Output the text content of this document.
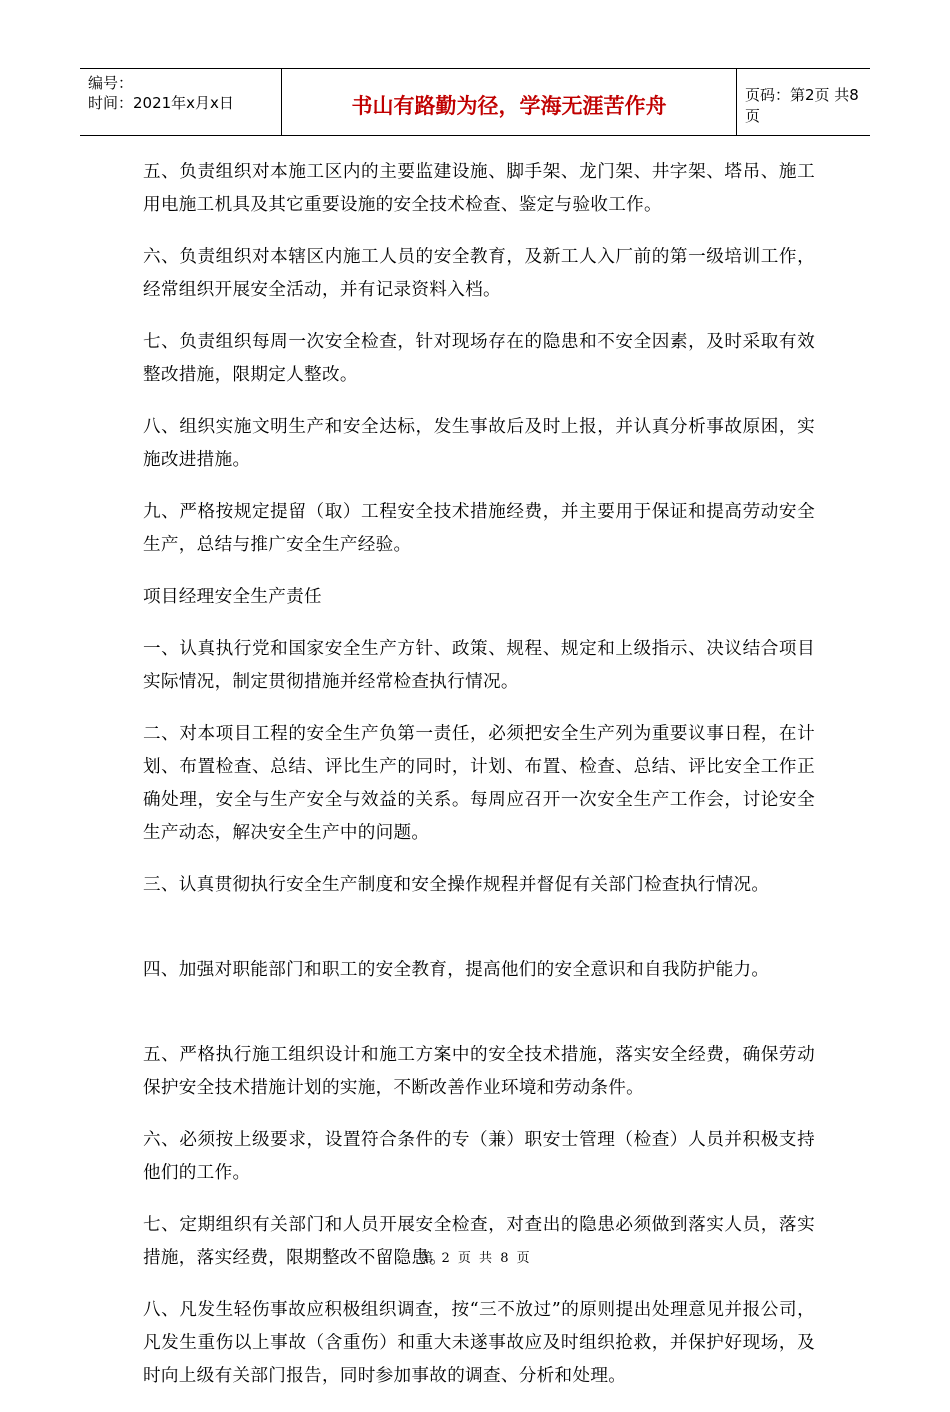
编号：
时间：2021年x月x日	书山有路勤为径，学海无涯苦作舟	页码：第2页 共8页

五、负责组织对本施工区内的主要监建设施、脚手架、龙门架、井字架、塔吊、施工用电施工机具及其它重要设施的安全技术检查、鉴定与验收工作。

六、负责组织对本辖区内施工人员的安全教育，及新工人入厂前的第一级培训工作，经常组织开展安全活动，并有记录资料入档。

七、负责组织每周一次安全检查，针对现场存在的隐患和不安全因素，及时采取有效整改措施，限期定人整改。

八、组织实施文明生产和安全达标，发生事故后及时上报，并认真分析事故原困，实施改进措施。

九、严格按规定提留（取）工程安全技术措施经费，并主要用于保证和提高劳动安全生产，总结与推广安全生产经验。

项目经理安全生产责任

一、认真执行党和国家安全生产方针、政策、规程、规定和上级指示、决议结合项目实际情况，制定贯彻措施并经常检查执行情况。

二、对本项目工程的安全生产负第一责任，必须把安全生产列为重要议事日程，在计划、布置检查、总结、评比生产的同时，计划、布置、检查、总结、评比安全工作正确处理，安全与生产安全与效益的关系。每周应召开一次安全生产工作会，讨论安全生产动态，解决安全生产中的问题。

三、认真贯彻执行安全生产制度和安全操作规程并督促有关部门检查执行情况。

四、加强对职能部门和职工的安全教育，提高他们的安全意识和自我防护能力。

五、严格执行施工组织设计和施工方案中的安全技术措施，落实安全经费，确保劳动保护安全技术措施计划的实施，不断改善作业环境和劳动条件。

六、必须按上级要求，设置符合条件的专（兼）职安士管理（检查）人员并积极支持他们的工作。

七、定期组织有关部门和人员开展安全检查，对查出的隐患必须做到落实人员，落实措施，落实经费，限期整改不留隐患。

八、凡发生轻伤事故应积极组织调查，按“三不放过”的原则提出处理意见并报公司，凡发生重伤以上事故（含重伤）和重大未遂事故应及时组织抢救，并保护好现场，及时向上级有关部门报告，同时参加事故的调查、分析和处理。

第 2 页 共 8 页
